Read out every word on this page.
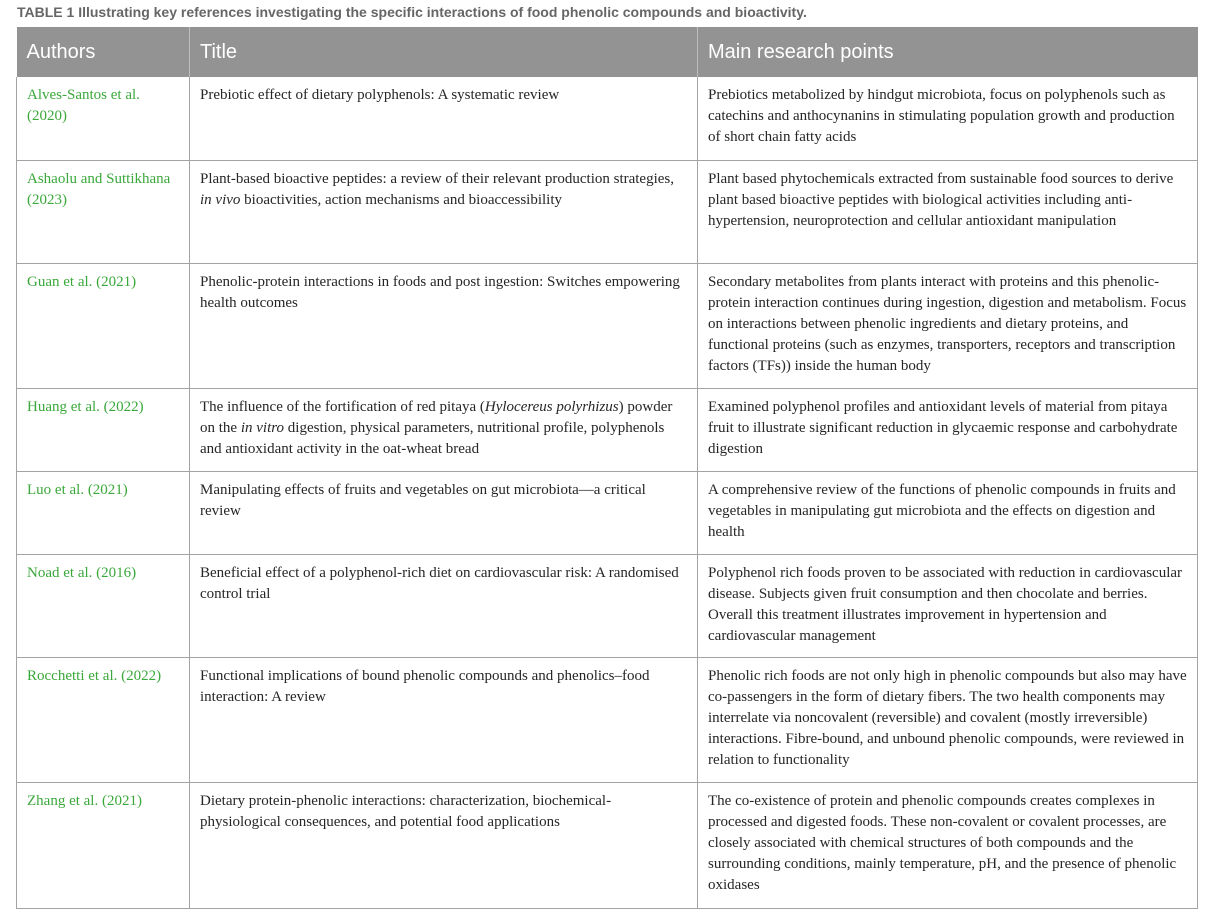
TABLE 1 Illustrating key references investigating the specific interactions of food phenolic compounds and bioactivity.
Authors	Title	Main research points
Alves-Santos et al. (2020)	Prebiotic effect of dietary polyphenols: A systematic review	Prebiotics metabolized by hindgut microbiota, focus on polyphenols such as catechins and anthocynanins in stimulating population growth and production of short chain fatty acids
Ashaolu and Suttikhana (2023)	Plant-based bioactive peptides: a review of their relevant production strategies, in vivo bioactivities, action mechanisms and bioaccessibility	Plant based phytochemicals extracted from sustainable food sources to derive plant based bioactive peptides with biological activities including anti-hypertension, neuroprotection and cellular antioxidant manipulation
Guan et al. (2021)	Phenolic-protein interactions in foods and post ingestion: Switches empowering health outcomes	Secondary metabolites from plants interact with proteins and this phenolic-protein interaction continues during ingestion, digestion and metabolism. Focus on interactions between phenolic ingredients and dietary proteins, and functional proteins (such as enzymes, transporters, receptors and transcription factors (TFs)) inside the human body
Huang et al. (2022)	The influence of the fortification of red pitaya (Hylocereus polyrhizus) powder on the in vitro digestion, physical parameters, nutritional profile, polyphenols and antioxidant activity in the oat-wheat bread	Examined polyphenol profiles and antioxidant levels of material from pitaya fruit to illustrate significant reduction in glycaemic response and carbohydrate digestion
Luo et al. (2021)	Manipulating effects of fruits and vegetables on gut microbiota—a critical review	A comprehensive review of the functions of phenolic compounds in fruits and vegetables in manipulating gut microbiota and the effects on digestion and health
Noad et al. (2016)	Beneficial effect of a polyphenol-rich diet on cardiovascular risk: A randomised control trial	Polyphenol rich foods proven to be associated with reduction in cardiovascular disease. Subjects given fruit consumption and then chocolate and berries. Overall this treatment illustrates improvement in hypertension and cardiovascular management
Rocchetti et al. (2022)	Functional implications of bound phenolic compounds and phenolics–food interaction: A review	Phenolic rich foods are not only high in phenolic compounds but also may have co-passengers in the form of dietary fibers. The two health components may interrelate via noncovalent (reversible) and covalent (mostly irreversible) interactions. Fibre-bound, and unbound phenolic compounds, were reviewed in relation to functionality
Zhang et al. (2021)	Dietary protein-phenolic interactions: characterization, biochemical-physiological consequences, and potential food applications	The co-existence of protein and phenolic compounds creates complexes in processed and digested foods. These non-covalent or covalent processes, are closely associated with chemical structures of both compounds and the surrounding conditions, mainly temperature, pH, and the presence of phenolic oxidases
